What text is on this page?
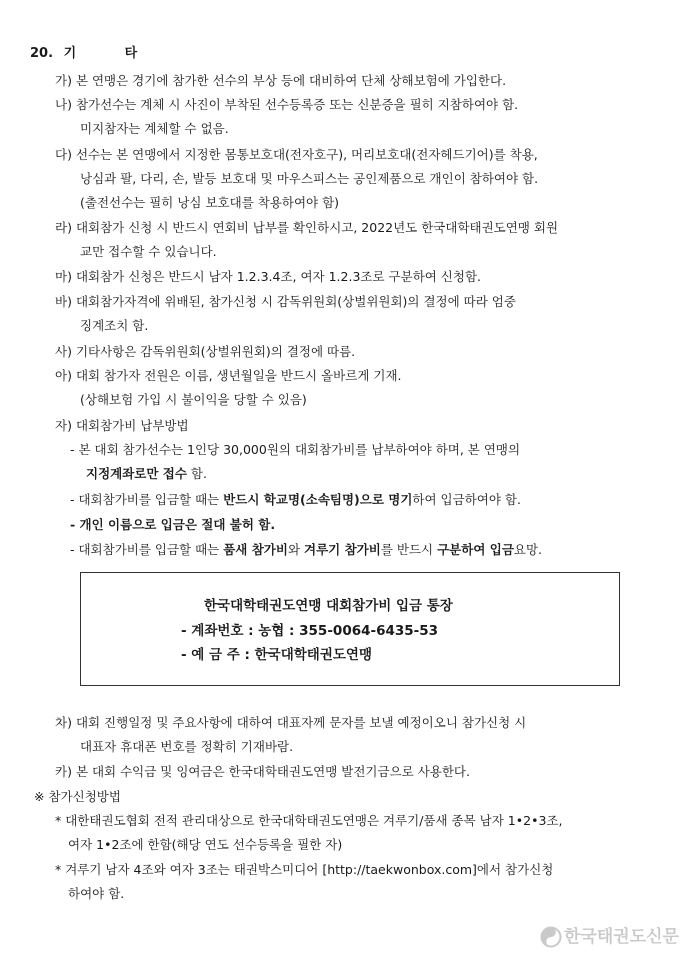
20. 기 타
가) 본 연맹은 경기에 참가한 선수의 부상 등에 대비하여 단체 상해보험에 가입한다.
나) 참가선수는 계체 시 사진이 부착된 선수등록증 또는 신분증을 필히 지참하여야 함.
미지참자는 계체할 수 없음.
다) 선수는 본 연맹에서 지정한 몸통보호대(전자호구), 머리보호대(전자헤드기어)를 착용,
낭심과 팔, 다리, 손, 발등 보호대 및 마우스피스는 공인제품으로 개인이 참하여야 함.
(출전선수는 필히 낭심 보호대를 착용하여야 함)
라) 대회참가 신청 시 반드시 연회비 납부를 확인하시고, 2022년도 한국대학태권도연맹 회원
교만 접수할 수 있습니다.
마) 대회참가 신청은 반드시 남자 1.2.3.4조, 여자 1.2.3조로 구분하여 신청함.
바) 대회참가자격에 위배된, 참가신청 시 감독위원회(상벌위원회)의 결정에 따라 엄중
징계조치 함.
사) 기타사항은 감독위원회(상벌위원회)의 결정에 따름.
아) 대회 참가자 전원은 이름, 생년월일을 반드시 올바르게 기재.
(상해보험 가입 시 불이익을 당할 수 있음)
자) 대회참가비 납부방법
- 본 대회 참가선수는 1인당 30,000원의 대회참가비를 납부하여야 하며, 본 연맹의
지정계좌로만 접수 함.
- 대회참가비를 입금할 때는 반드시 학교명(소속팀명)으로 명기하여 입금하여야 함.
- 개인 이름으로 입금은 절대 불허 함.
- 대회참가비를 입금할 때는 품새 참가비와 겨루기 참가비를 반드시 구분하여 입금요망.
한국대학태권도연맹 대회참가비 입금 통장
- 계좌번호 : 농협 : 355-0064-6435-53
- 예 금 주 : 한국대학태권도연맹
차) 대회 진행일정 및 주요사항에 대하여 대표자께 문자를 보낼 예정이오니 참가신청 시
대표자 휴대폰 번호를 정확히 기재바람.
카) 본 대회 수익금 및 잉여금은 한국대학태권도연맹 발전기금으로 사용한다.
※ 참가신청방법
* 대한태권도협회 전적 관리대상으로 한국대학태권도연맹은 겨루기/품새 종목 남자 1•2•3조,
여자 1•2조에 한함(해당 연도 선수등록을 필한 자)
* 겨루기 남자 4조와 여자 3조는 태권박스미디어 [http://taekwonbox.com]에서 참가신청
하여야 함.
한국태권도신문
